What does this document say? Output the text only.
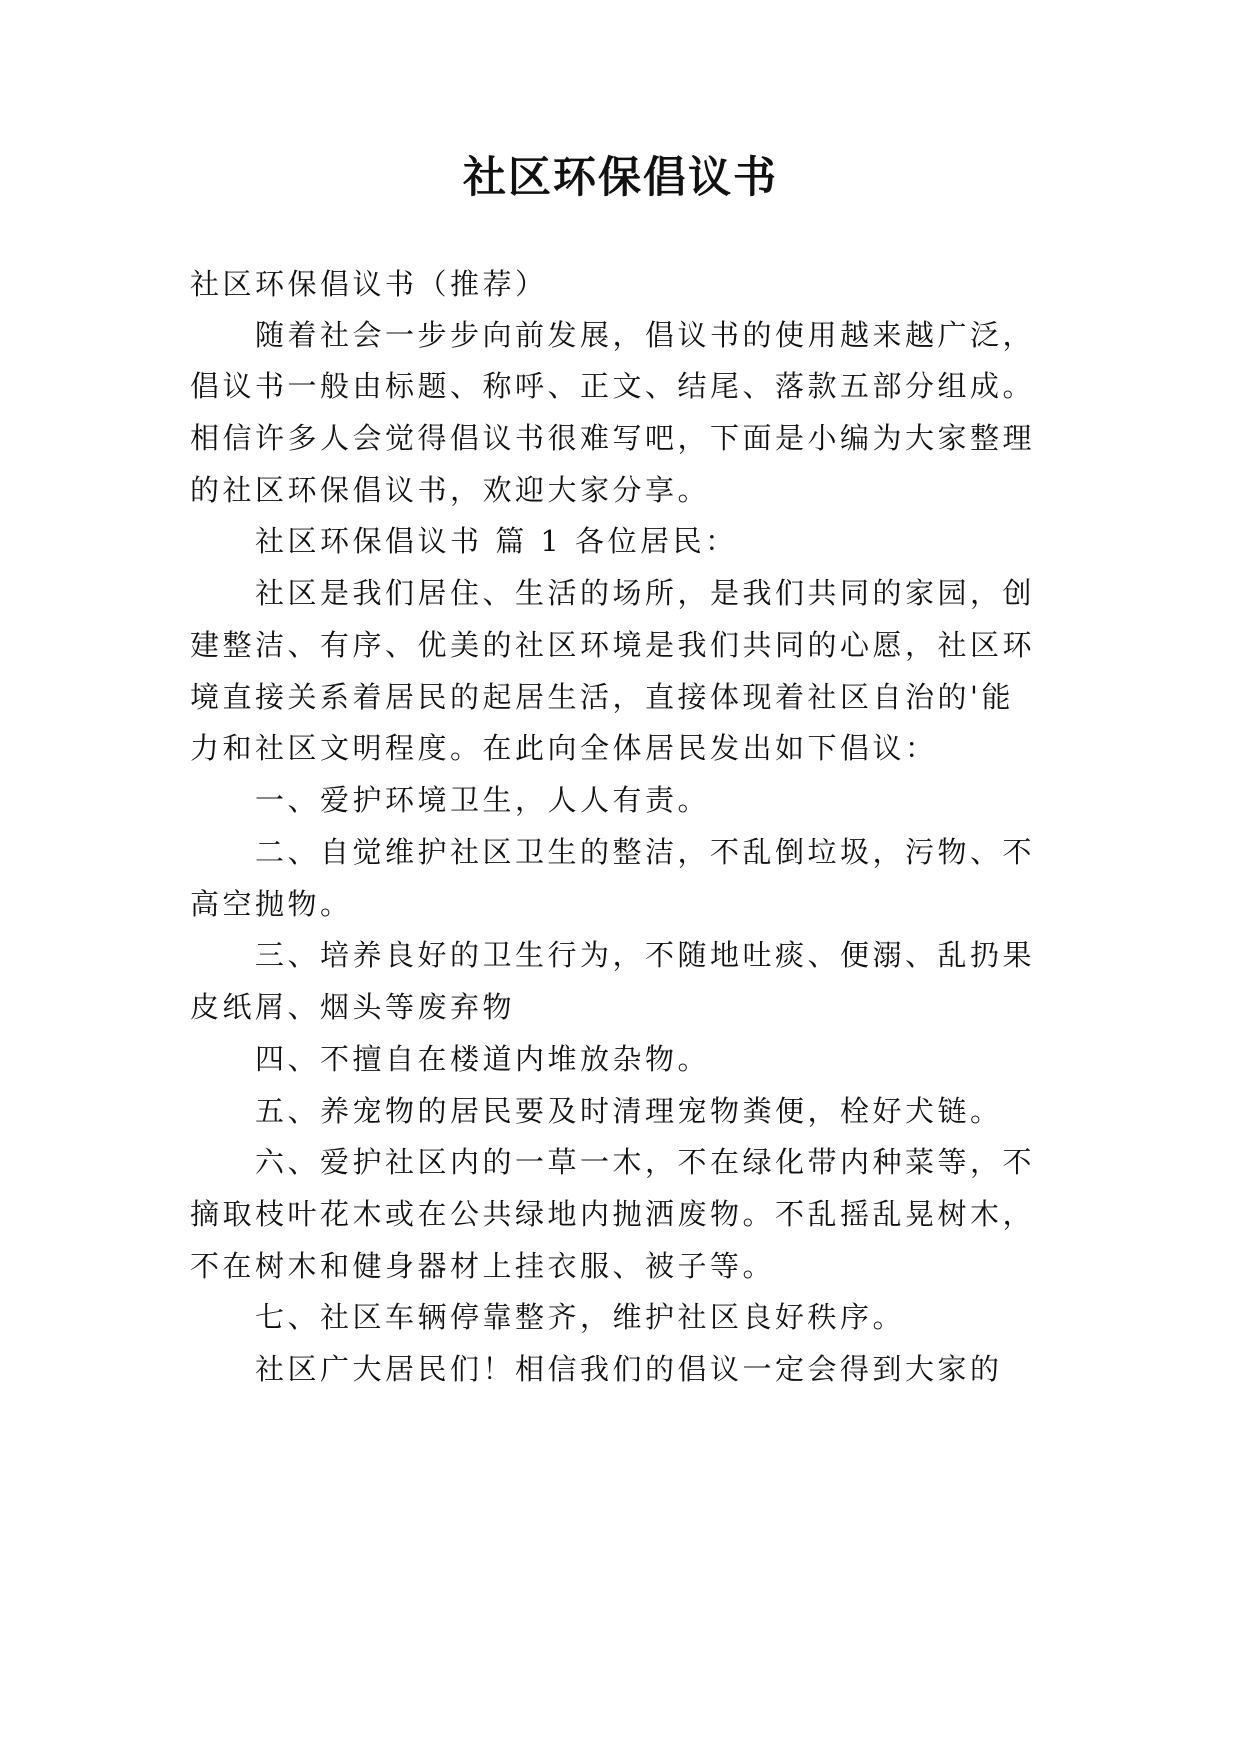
社区环保倡议书

社区环保倡议书（推荐）

随着社会一步步向前发展，倡议书的使用越来越广泛，

倡议书一般由标题、称呼、正文、结尾、落款五部分组成。

相信许多人会觉得倡议书很难写吧，下面是小编为大家整理

的社区环保倡议书，欢迎大家分享。

社区环保倡议书 篇 1 各位居民：

社区是我们居住、生活的场所，是我们共同的家园，创

建整洁、有序、优美的社区环境是我们共同的心愿，社区环

境直接关系着居民的起居生活，直接体现着社区自治的'能

力和社区文明程度。在此向全体居民发出如下倡议：

一、爱护环境卫生，人人有责。

二、自觉维护社区卫生的整洁，不乱倒垃圾，污物、不

高空抛物。

三、培养良好的卫生行为，不随地吐痰、便溺、乱扔果

皮纸屑、烟头等废弃物

四、不擅自在楼道内堆放杂物。

五、养宠物的居民要及时清理宠物粪便，栓好犬链。

六、爱护社区内的一草一木，不在绿化带内种菜等，不

摘取枝叶花木或在公共绿地内抛洒废物。不乱摇乱晃树木，

不在树木和健身器材上挂衣服、被子等。

七、社区车辆停靠整齐，维护社区良好秩序。

社区广大居民们！相信我们的倡议一定会得到大家的
